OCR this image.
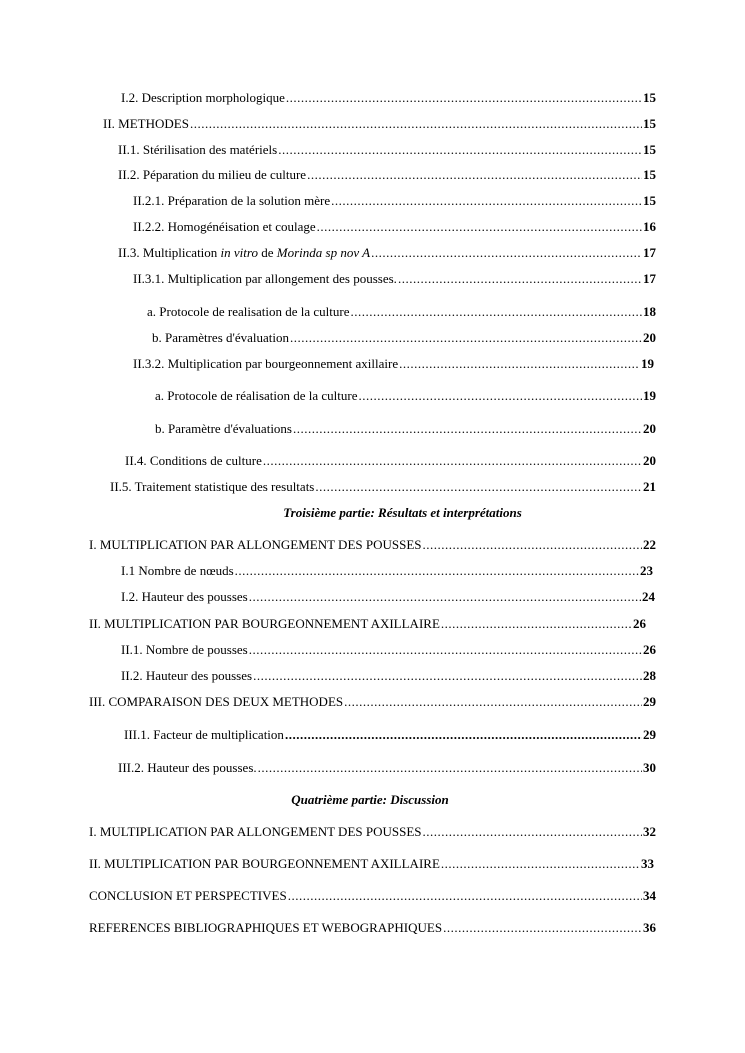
I.2. Description morphologique .....	15
II. METHODES .....	15
II.1. Stérilisation des matériels .....	15
II.2. Péparation du milieu de culture .....	15
II.2.1. Préparation de la solution mère .....	15
II.2.2. Homogénéisation et coulage .....	16
II.3. Multiplication in vitro de Morinda sp nov A .....	17
II.3.1. Multiplication par allongement des pousses. .....	17
a. Protocole de realisation de la culture .....	18
b. Paramètres d'évaluation .....	20
II.3.2. Multiplication par bourgeonnement axillaire .....	19
a. Protocole de réalisation de la culture .....	19
b. Paramètre d'évaluations .....	20
II.4. Conditions de culture .....	20
II.5. Traitement statistique des resultats .....	21
Troisième partie: Résultats et interprétations
I. MULTIPLICATION PAR ALLONGEMENT DES POUSSES .....	22
I.1 Nombre de nœuds .....	23
I.2. Hauteur des pousses .....	24
II. MULTIPLICATION PAR BOURGEONNEMENT AXILLAIRE .....	26
II.1. Nombre de pousses .....	26
II.2. Hauteur des pousses .....	28
III. COMPARAISON DES DEUX METHODES .....	29
III.1. Facteur de multiplication .....	29
III.2. Hauteur des pousses. .....	30
Quatrième partie: Discussion
I. MULTIPLICATION PAR ALLONGEMENT DES POUSSES .....	32
II. MULTIPLICATION PAR BOURGEONNEMENT AXILLAIRE .....	33
CONCLUSION ET PERSPECTIVES .....	34
REFERENCES BIBLIOGRAPHIQUES ET WEBOGRAPHIQUES .....	36
